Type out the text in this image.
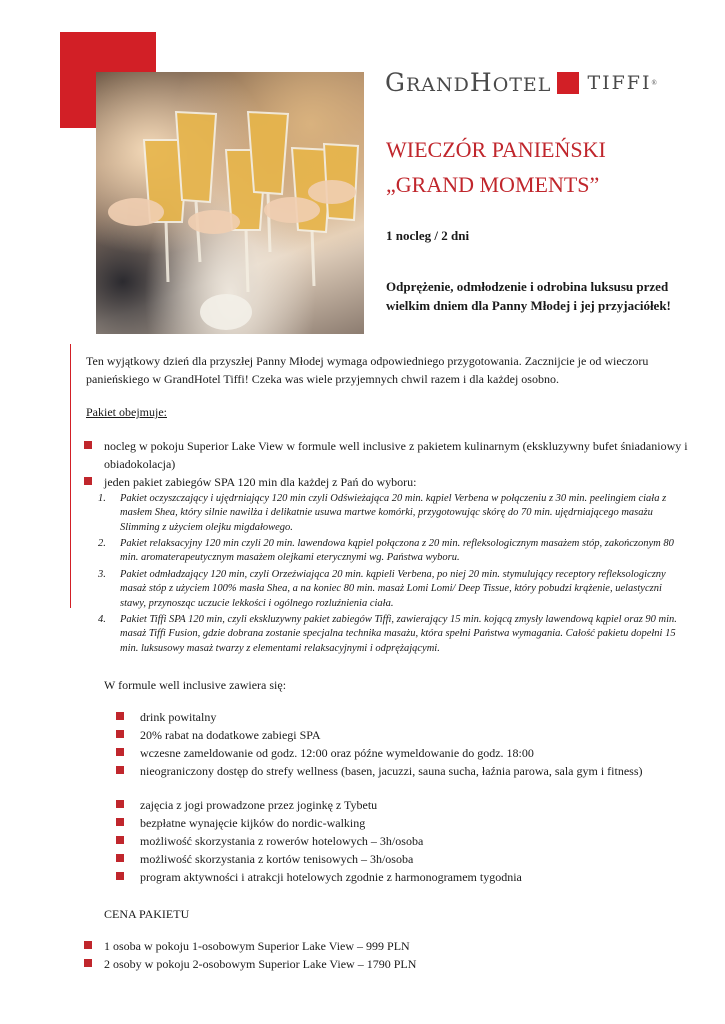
GRANDHOTEL TIFFI ®
WIECZÓR PANIEŃSKI
„GRAND MOMENTS”
1 nocleg / 2 dni
Odprężenie, odmłodzenie i odrobina luksusu przed wielkim dniem dla Panny Młodej i jej przyjaciółek!
Ten wyjątkowy dzień dla przyszłej Panny Młodej wymaga odpowiedniego przygotowania. Zacznijcie je od wieczoru panieńskiego w GrandHotel Tiffi! Czeka was wiele przyjemnych chwil razem i dla każdej osobno.
Pakiet obejmuje:
nocleg w pokoju Superior Lake View w formule well inclusive z pakietem kulinarnym (ekskluzywny bufet śniadaniowy i obiadokolacja)
jeden pakiet zabiegów SPA 120 min dla każdej z Pań do wyboru:
1.	Pakiet oczyszczający i ujędrniający 120 min czyli Odświeżająca 20 min. kąpiel Verbena w połączeniu z 30 min. peelingiem ciała z masłem Shea, który silnie nawilża i delikatnie usuwa martwe komórki, przygotowując skórę do 70 min. ujędrniającego masażu Slimming z użyciem olejku migdałowego.
2.	Pakiet relaksacyjny 120 min czyli 20 min. lawendowa kąpiel połączona z 20 min. refleksologicznym masażem stóp, zakończonym 80 min. aromaterapeutycznym masażem olejkami eterycznymi wg. Państwa wyboru.
3.	Pakiet odmładzający 120 min, czyli Orzeźwiająca 20 min. kąpieli Verbena, po niej 20 min. stymulujący receptory refleksologiczny masaż stóp z użyciem 100% masła Shea, a na koniec 80 min. masaż Lomi Lomi/ Deep Tissue, który pobudzi krążenie, uelastyczni stawy, przynosząc uczucie lekkości i ogólnego rozluźnienia ciała.
4.	Pakiet Tiffi SPA 120 min, czyli ekskluzywny pakiet zabiegów Tiffi, zawierający 15 min. kojącą zmysły lawendową kąpiel oraz 90 min. masaż Tiffi Fusion, gdzie dobrana zostanie specjalna technika masażu, która spełni Państwa wymagania. Całość pakietu dopełni 15 min. luksusowy masaż twarzy z elementami relaksacyjnymi i odprężającymi.
W formule well inclusive zawiera się:
drink powitalny
20% rabat na dodatkowe zabiegi SPA
wczesne zameldowanie od godz. 12:00 oraz późne wymeldowanie do godz. 18:00
nieograniczony dostęp do strefy wellness (basen, jacuzzi, sauna sucha, łaźnia parowa, sala gym i fitness)
zajęcia z jogi prowadzone przez joginkę z Tybetu
bezpłatne wynajęcie kijków do nordic-walking
możliwość skorzystania z rowerów hotelowych – 3h/osoba
możliwość skorzystania z kortów tenisowych – 3h/osoba
program aktywności i atrakcji hotelowych zgodnie z harmonogramem tygodnia
CENA PAKIETU
1 osoba w pokoju 1-osobowym Superior Lake View – 999 PLN
2 osoby w pokoju 2-osobowym Superior Lake View – 1790 PLN
